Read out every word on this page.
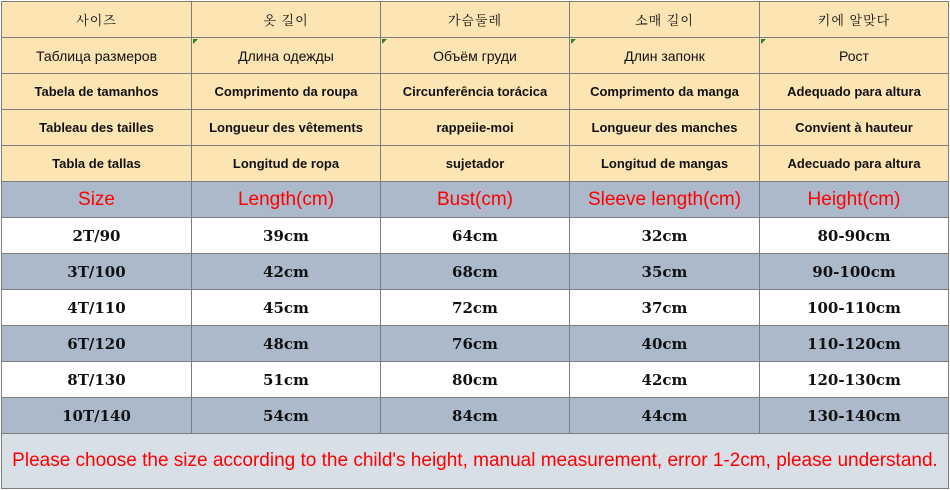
사이즈	옷 길이	가슴둘레	소매 길이	키에 알맞다
Таблица размеров	Длина одежды	Объём груди	Длин запонк	Рост
Tabela de tamanhos	Comprimento da roupa	Circunferência torácica	Comprimento da manga	Adequado para altura
Tableau des tailles	Longueur des vêtements	rappeiie-moi	Longueur des manches	Convient à hauteur
Tabla de tallas	Longitud de ropa	sujetador	Longitud de mangas	Adecuado para altura
Size	Length(cm)	Bust(cm)	Sleeve length(cm)	Height(cm)
2T/90	39cm	64cm	32cm	80-90cm
3T/100	42cm	68cm	35cm	90-100cm
4T/110	45cm	72cm	37cm	100-110cm
6T/120	48cm	76cm	40cm	110-120cm
8T/130	51cm	80cm	42cm	120-130cm
10T/140	54cm	84cm	44cm	130-140cm
Please choose the size according to the child's height, manual measurement, error 1-2cm, please understand.				
